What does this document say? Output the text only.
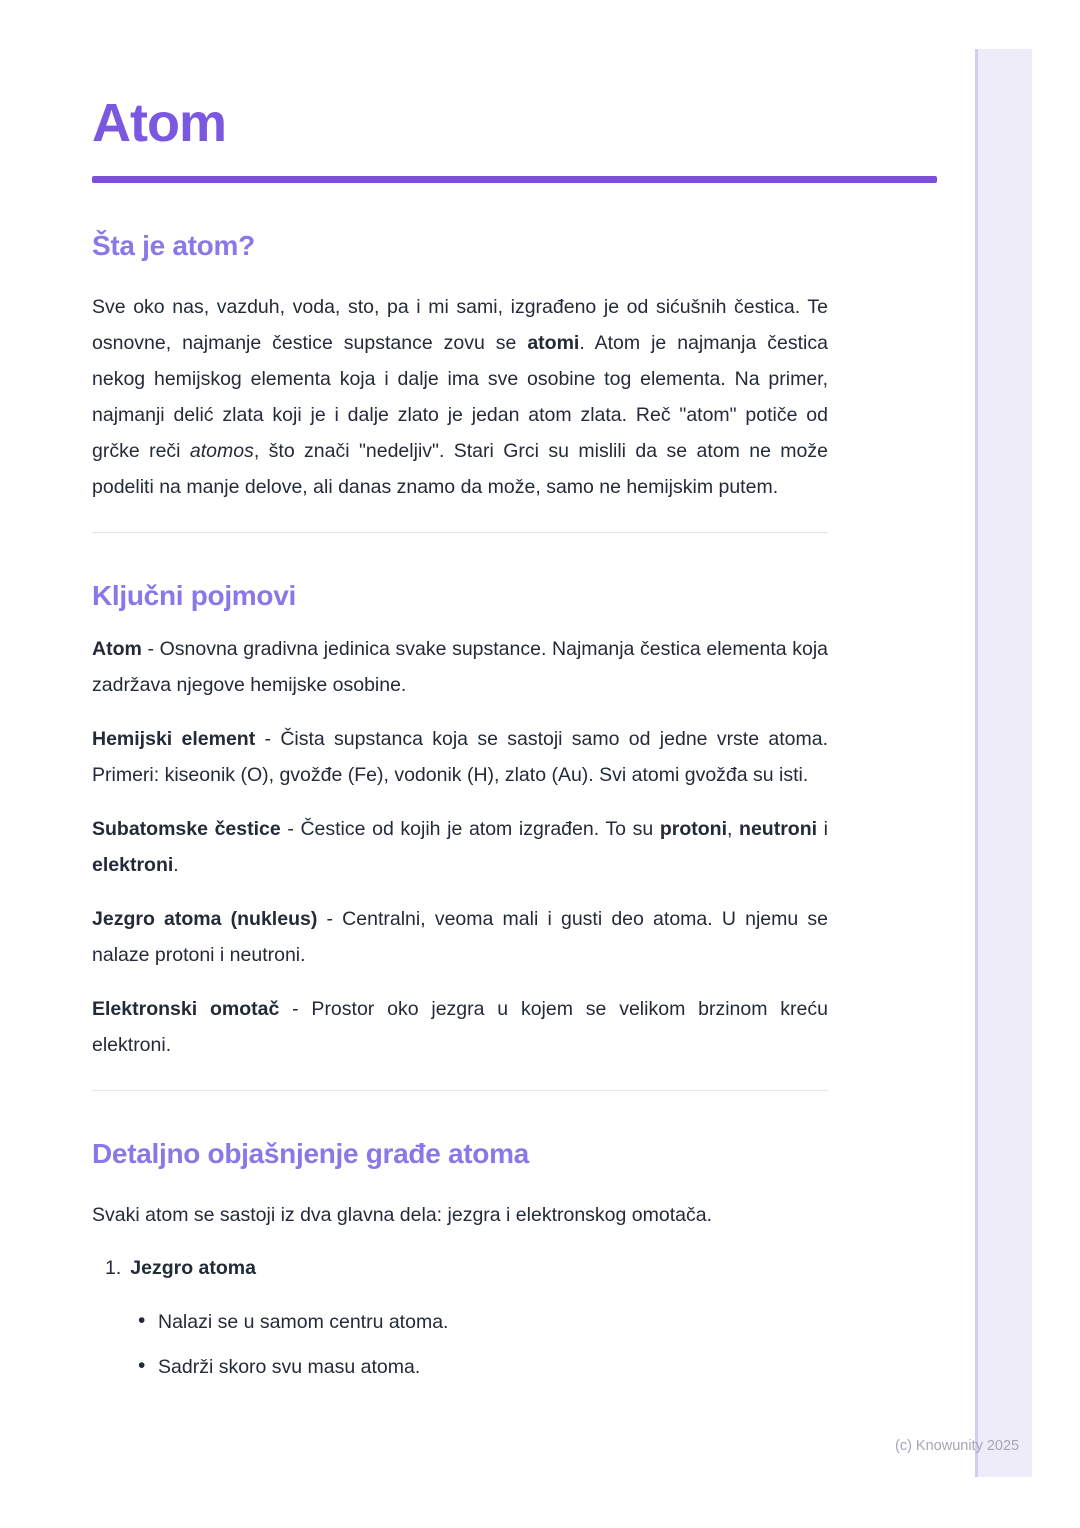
Atom
Šta je atom?

Sve oko nas, vazduh, voda, sto, pa i mi sami, izgrađeno je od sićušnih čestica. Te osnovne, najmanje čestice supstance zovu se atomi. Atom je najmanja čestica nekog hemijskog elementa koja i dalje ima sve osobine tog elementa. Na primer, najmanji delić zlata koji je i dalje zlato je jedan atom zlata. Reč "atom" potiče od grčke reči atomos, što znači "nedeljiv". Stari Grci su mislili da se atom ne može podeliti na manje delove, ali danas znamo da može, samo ne hemijskim putem.

Ključni pojmovi

Atom - Osnovna gradivna jedinica svake supstance. Najmanja čestica elementa koja zadržava njegove hemijske osobine.

Hemijski element - Čista supstanca koja se sastoji samo od jedne vrste atoma. Primeri: kiseonik (O), gvožđe (Fe), vodonik (H), zlato (Au). Svi atomi gvožđa su isti.

Subatomske čestice - Čestice od kojih je atom izgrađen. To su protoni, neutroni i elektroni.

Jezgro atoma (nukleus) - Centralni, veoma mali i gusti deo atoma. U njemu se nalaze protoni i neutroni.

Elektronski omotač - Prostor oko jezgra u kojem se velikom brzinom kreću elektroni.

Detaljno objašnjenje građe atoma

Svaki atom se sastoji iz dva glavna dela: jezgra i elektronskog omotača.

1. Jezgro atoma
• Nalazi se u samom centru atoma.
• Sadrži skoro svu masu atoma.
(c) Knowunity 2025
